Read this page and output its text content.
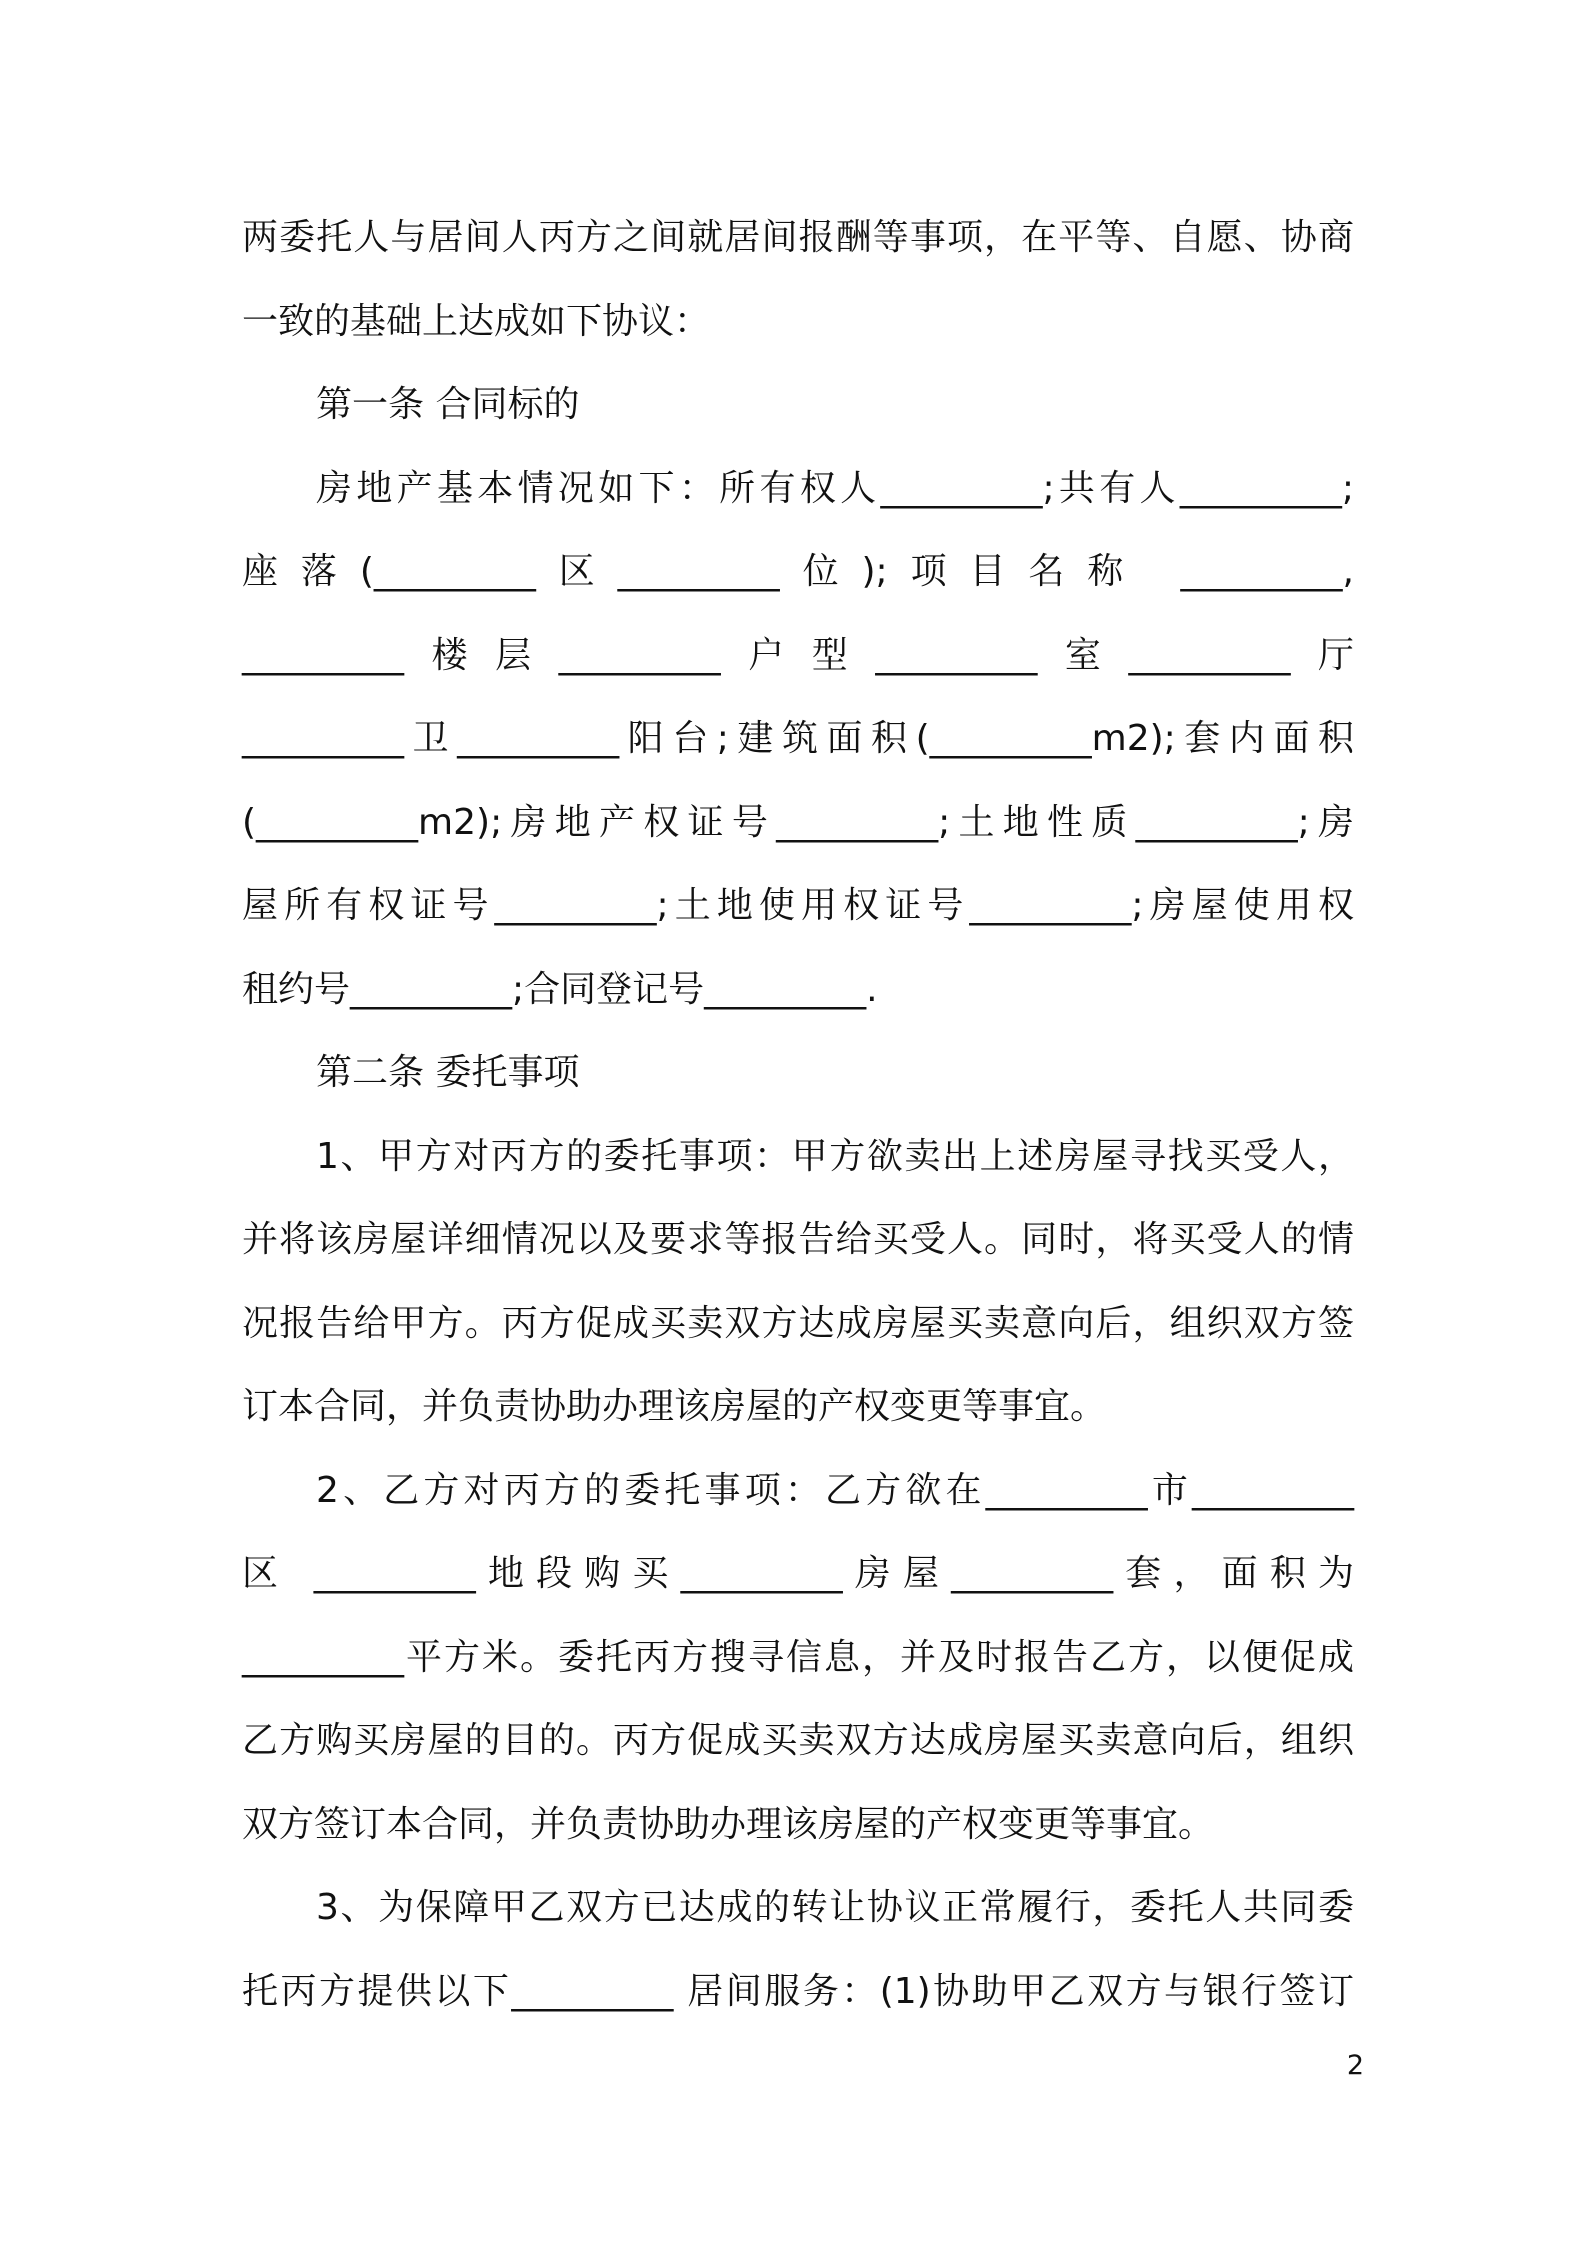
两委托人与居间人丙方之间就居间报酬等事项，在平等、自愿、协商
一致的基础上达成如下协议：
第一条 合同标的
房地产基本情况如下：所有权人_________;共有人_________;
座落(_________区_________位);项目名称 _________,
_________楼层_________户型_________室_________厅
_________卫_________阳台;建筑面积(_________m2);套内面积
(_________m2);房地产权证号_________;土地性质_________;房
屋所有权证号_________;土地使用权证号_________;房屋使用权
租约号_________;合同登记号_________.
第二条 委托事项
1、甲方对丙方的委托事项：甲方欲卖出上述房屋寻找买受人，
并将该房屋详细情况以及要求等报告给买受人。同时，将买受人的情
况报告给甲方。丙方促成买卖双方达成房屋买卖意向后，组织双方签
订本合同，并负责协助办理该房屋的产权变更等事宜。
2、乙方对丙方的委托事项：乙方欲在_________市_________
区 _________地段购买_________房屋_________套，面积为
_________平方米。委托丙方搜寻信息，并及时报告乙方，以便促成
乙方购买房屋的目的。丙方促成买卖双方达成房屋买卖意向后，组织
双方签订本合同，并负责协助办理该房屋的产权变更等事宜。
3、为保障甲乙双方已达成的转让协议正常履行，委托人共同委
托丙方提供以下_________ 居间服务：(1)协助甲乙双方与银行签订
2
